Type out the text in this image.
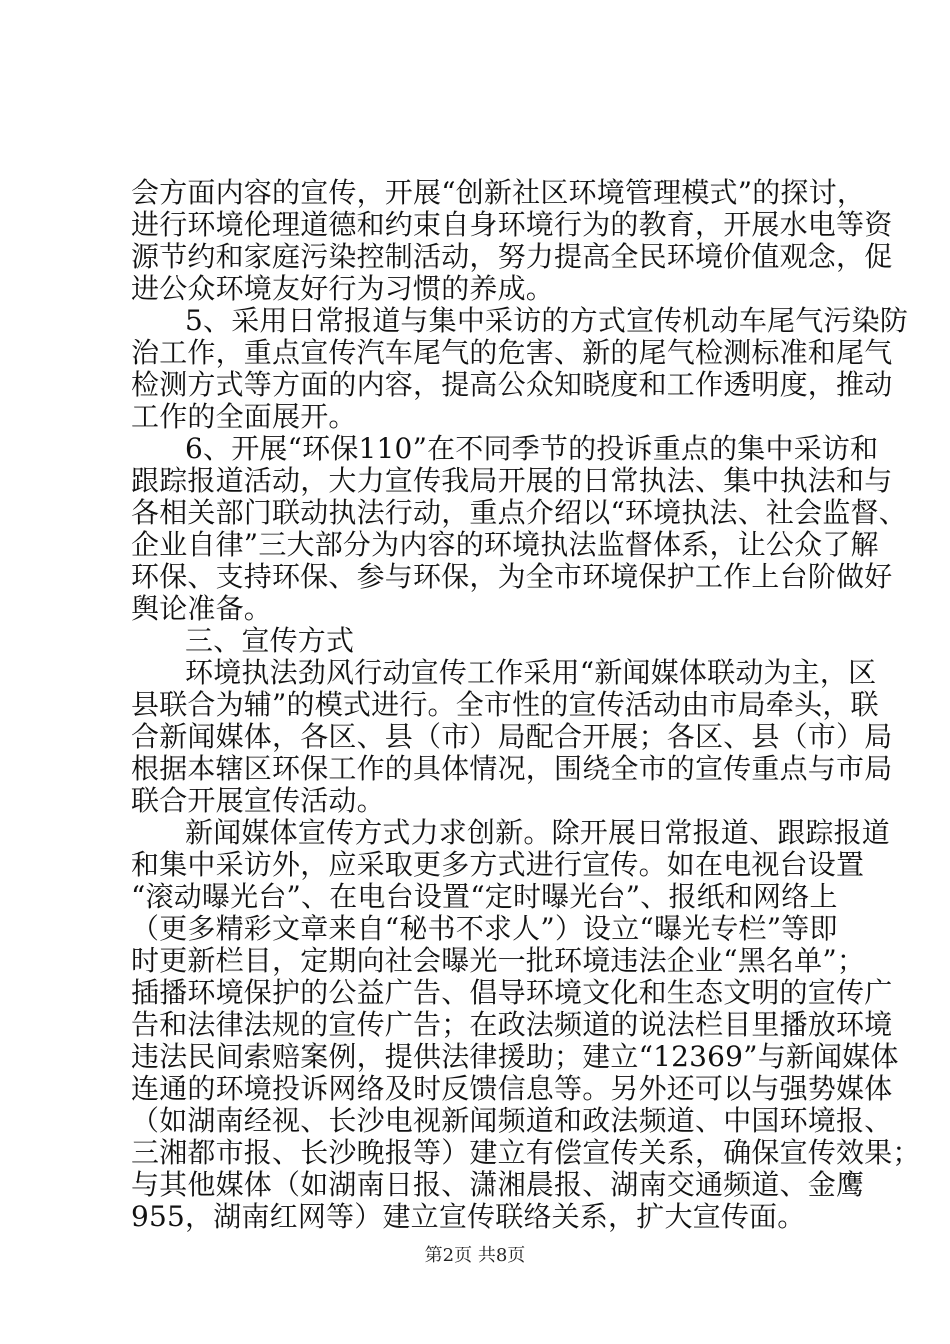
会方面内容的宣传，开展“创新社区环境管理模式”的探讨，
进行环境伦理道德和约束自身环境行为的教育，开展水电等资
源节约和家庭污染控制活动，努力提高全民环境价值观念，促
进公众环境友好行为习惯的养成。
5、采用日常报道与集中采访的方式宣传机动车尾气污染防
治工作，重点宣传汽车尾气的危害、新的尾气检测标准和尾气
检测方式等方面的内容，提高公众知晓度和工作透明度，推动
工作的全面展开。
6、开展“环保110”在不同季节的投诉重点的集中采访和
跟踪报道活动，大力宣传我局开展的日常执法、集中执法和与
各相关部门联动执法行动，重点介绍以“环境执法、社会监督、
企业自律”三大部分为内容的环境执法监督体系，让公众了解
环保、支持环保、参与环保，为全市环境保护工作上台阶做好
舆论准备。
三、宣传方式
环境执法劲风行动宣传工作采用“新闻媒体联动为主，区
县联合为辅”的模式进行。全市性的宣传活动由市局牵头，联
合新闻媒体，各区、县（市）局配合开展；各区、县（市）局
根据本辖区环保工作的具体情况，围绕全市的宣传重点与市局
联合开展宣传活动。
新闻媒体宣传方式力求创新。除开展日常报道、跟踪报道
和集中采访外，应采取更多方式进行宣传。如在电视台设置
“滚动曝光台”、在电台设置“定时曝光台”、报纸和网络上
（更多精彩文章来自“秘书不求人”）设立“曝光专栏”等即
时更新栏目，定期向社会曝光一批环境违法企业“黑名单”；
插播环境保护的公益广告、倡导环境文化和生态文明的宣传广
告和法律法规的宣传广告；在政法频道的说法栏目里播放环境
违法民间索赔案例，提供法律援助；建立“12369”与新闻媒体
连通的环境投诉网络及时反馈信息等。另外还可以与强势媒体
（如湖南经视、长沙电视新闻频道和政法频道、中国环境报、
三湘都市报、长沙晚报等）建立有偿宣传关系，确保宣传效果；
与其他媒体（如湖南日报、潇湘晨报、湖南交通频道、金鹰
955，湖南红网等）建立宣传联络关系，扩大宣传面。
第2页 共8页
